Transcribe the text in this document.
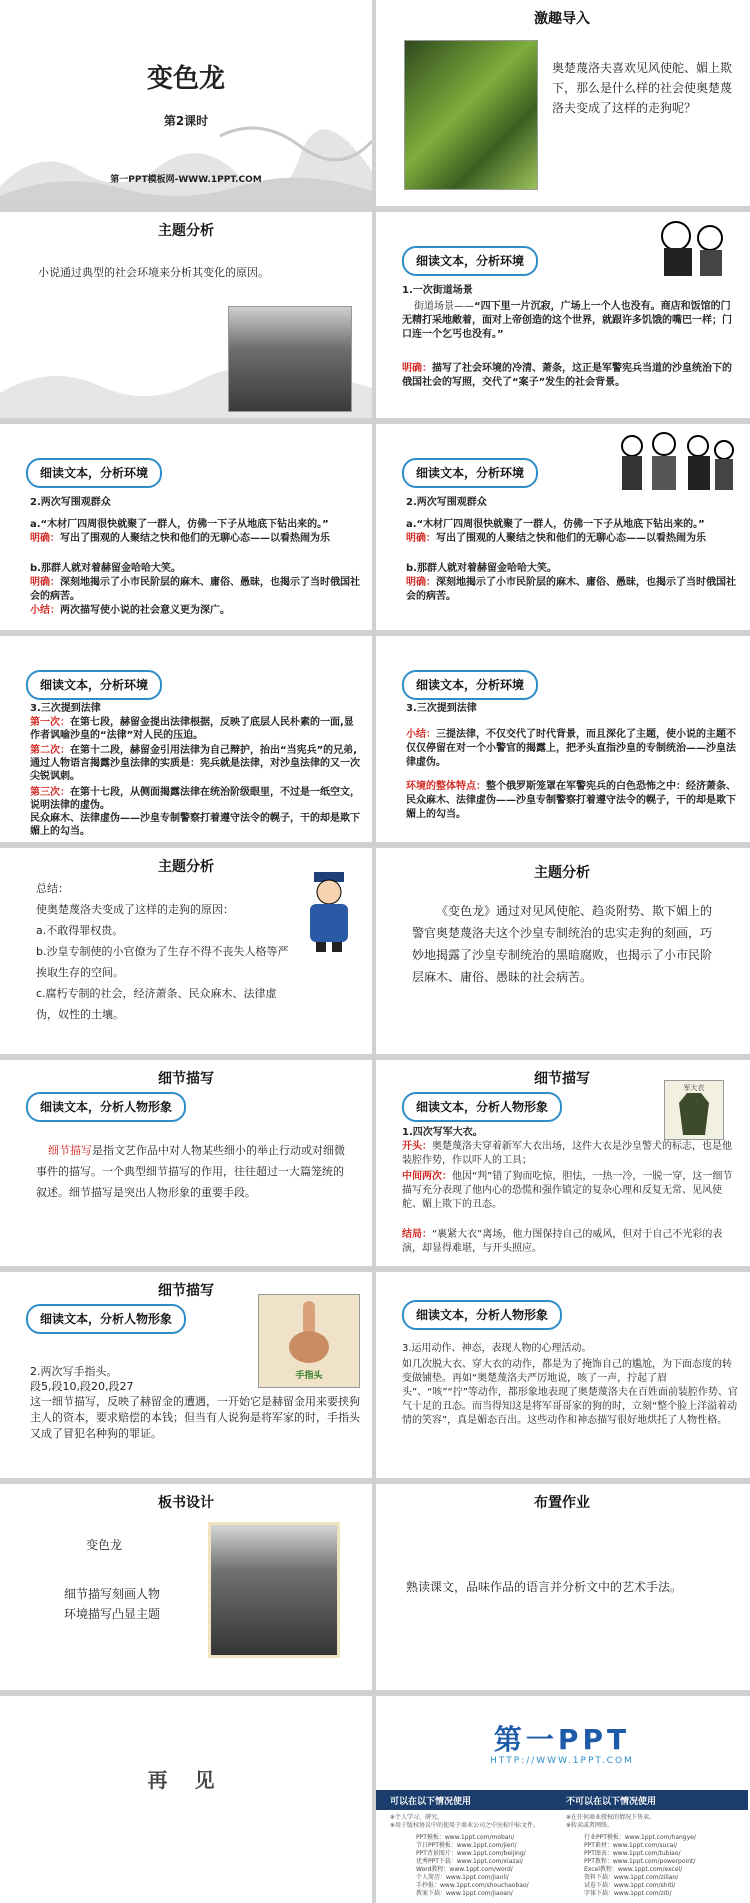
变色龙
第2课时
第一PPT模板网-WWW.1PPT.COM
激趣导入
奥楚蔑洛夫喜欢见风使舵、媚上欺下，那么是什么样的社会使奥楚蔑洛夫变成了这样的走狗呢？
主题分析
小说通过典型的社会环境来分析其变化的原因。
细读文本，分析环境
1.一次街道场景
街道场景——“四下里一片沉寂，广场上一个人也没有。商店和饭馆的门无精打采地敞着，面对上帝创造的这个世界，就跟许多饥饿的嘴巴一样；门口连一个乞丐也没有。”
明确：描写了社会环境的冷清、萧条，这正是军警宪兵当道的沙皇统治下的俄国社会的写照，交代了“案子”发生的社会背景。
细读文本，分析环境
2.两次写围观群众
a.“木材厂四周很快就聚了一群人，仿佛一下子从地底下钻出来的。”
明确：写出了围观的人聚结之快和他们的无聊心态——以看热闹为乐
b.那群人就对着赫留金哈哈大笑。
明确：深刻地揭示了小市民阶层的麻木、庸俗、愚昧，也揭示了当时俄国社会的病苦。
小结：两次描写使小说的社会意义更为深广。
细读文本，分析环境
2.两次写围观群众
a.“木材厂四周很快就聚了一群人，仿佛一下子从地底下钻出来的。”
明确：写出了围观的人聚结之快和他们的无聊心态——以看热闹为乐
b.那群人就对着赫留金哈哈大笑。
明确：深刻地揭示了小市民阶层的麻木、庸俗、愚昧，也揭示了当时俄国社会的病苦。
细读文本，分析环境
3.三次提到法律
第一次：在第七段，赫留金提出法律根据，反映了底层人民朴素的一面,显作者讽喻沙皇的“法律”对人民的压迫。
第二次：在第十二段，赫留金引用法律为自己辩护，抬出“当宪兵”的兄弟,通过人物语言揭露沙皇法律的实质是：宪兵就是法律，对沙皇法律的又一次尖锐讽刺。
第三次：在第十七段，从侧面揭露法律在统治阶级眼里，不过是一纸空文，说明法律的虚伪。
民众麻木、法律虚伪——沙皇专制警察打着遵守法令的幌子，干的却是欺下媚上的勾当。
细读文本，分析环境
3.三次提到法律
小结：三提法律，不仅交代了时代背景，而且深化了主题，使小说的主题不仅仅停留在对一个小警官的揭露上，把矛头直指沙皇的专制统治——沙皇法律虚伪。
环境的整体特点：整个俄罗斯笼罩在军警宪兵的白色恐怖之中：经济萧条、民众麻木、法律虚伪——沙皇专制警察打着遵守法令的幌子，干的却是欺下媚上的勾当。
主题分析
总结：
使奥楚蔑洛夫变成了这样的走狗的原因：
a.不敢得罪权贵。
b.沙皇专制使的小官僚为了生存不得不丧失人格等严挨取生存的空间。
c.腐朽专制的社会，经济萧条、民众麻木、法律虚伪，奴性的土壤。
主题分析
《变色龙》通过对见风使舵、趋炎附势、欺下媚上的警官奥楚蔑洛夫这个沙皇专制统治的忠实走狗的刻画，巧妙地揭露了沙皇专制统治的黑暗腐败，也揭示了小市民阶层麻木、庸俗、愚昧的社会病苦。
细节描写
细读文本，分析人物形象
细节描写是指文艺作品中对人物某些细小的举止行动或对细微事件的描写。一个典型细节描写的作用，往往超过一大篇笼统的叙述。细节描写是突出人物形象的重要手段。
细节描写
细读文本，分析人物形象
军大衣
1.四次写军大衣。
开头：奥楚蔑洛夫穿着新军大衣出场，这件大衣是沙皇警犬的标志，也是他装腔作势，作以吓人的工具；
中间两次：他因“判”错了狗而吃惊，胆怯，一热一冷，一脱一穿，这一细节描写充分表现了他内心的恐慌和强作镇定的复杂心理和反复无常、见风使舵、媚上欺下的丑态。
结局：“裹紧大衣”离场，他力图保持自己的威风，但对于自己不光彩的表演，却显得难堪，与开头照应。
细节描写
细读文本，分析人物形象
手指头
2.两次写手指头。
段5,段10,段20,段27
这一细节描写，反映了赫留金的遭遇，一开始它是赫留金用来要挟狗主人的资本，要求赔偿的本钱；但当有人说狗是将军家的时，手指头又成了冒犯名种狗的罪证。
细读文本，分析人物形象
3.运用动作、神态，表现人物的心理活动。
如几次脱大衣、穿大衣的动作，都是为了掩饰自己的尴尬，为下面态度的转变做铺垫。再如“奥楚蔑洛夫严厉地说，咳了一声，拧起了眉头”、“咳”“拧”等动作，都形象地表现了奥楚蔑洛夫在百姓面前装腔作势、官气十足的丑态。而当得知这是将军哥哥家的狗的时，立刻“整个脸上洋溢着动情的笑容”，真是媚态百出。这些动作和神态描写很好地烘托了人物性格。
板书设计
变色龙
细节描写刻画人物
环境描写凸显主题
布置作业
熟读课文，品味作品的语言并分析文中的艺术手法。
再 见
第一PPT
HTTP://WWW.1PPT.COM
可以在以下情况使用	不可以在以下情况使用
※个人学习、研究。
※用于版权协议中的使用于商业公司之中应标中标文件。
※在任何商业授权的情况下售卖。
※转卖或者网络。
PPT模板：www.1ppt.com/moban/
节日PPT模板：www.1ppt.com/jieri/
PPT背景图片：www.1ppt.com/beijing/
优秀PPT下载：www.1ppt.com/xiazai/
Word教程：www.1ppt.com/word/
个人简历：www.1ppt.com/jianli/
手抄报：www.1ppt.com/shouchaobao/
教案下载：www.1ppt.com/jiaoan/
行业PPT模板：www.1ppt.com/hangye/
PPT素材：www.1ppt.com/sucai/
PPT图表：www.1ppt.com/tubiao/
PPT教程：www.1ppt.com/powerpoint/
Excel教程：www.1ppt.com/excel/
资料下载：www.1ppt.com/ziliao/
试卷下载：www.1ppt.com/shiti/
字体下载：www.1ppt.com/ziti/
